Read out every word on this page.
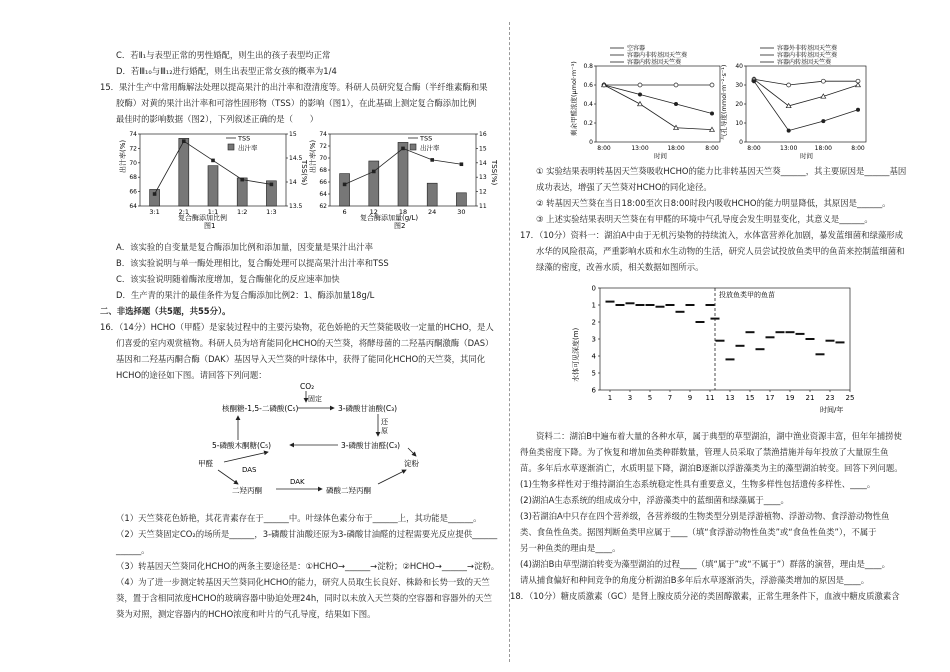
C．若Ⅱ₁与表型正常的男性婚配，则生出的孩子表型均正常
D．若Ⅲ₁₀与Ⅲ₁₂进行婚配，则生出表型正常女孩的概率为1/4
15．果汁生产中常用酶解法处理以提高果汁的出汁率和澄清度等。科研人员研究复合酶（半纤维素酶和果
胶酶）对黄的果汁出汁率和可溶性固形物（TSS）的影响（图1），在此基础上测定复合酶添加比例
最佳时的影响数据（图2），下列叙述正确的是（　　）
出汁率(%)	TSS(%)
64
66
68
70
72
74
13.5
14
14.5
15
3:1	2:1	1:1	1:2	1:3
TSS
出汁率
复合酶添加比例
图1
出汁率(%)	TSS(%)
62
64
66
68
70
72
74
11
12
13
14
15
16
6	12	18	24	30
TSS
出汁率
复合酶添加量(g/L)
图2
A．该实验的自变量是复合酶添加比例和添加量，因变量是果汁出汁率
B．该实验说明与单一酶处理相比，复合酶处理可以提高果汁出汁率和TSS
C．该实验说明随着酶浓度增加，复合酶催化的反应速率加快
D．生产青的果汁的最佳条件为复合酶添加比例2：1、酶添加量18g/L
二、非选择题（共5题，共55分）。
16．（14分）HCHO（甲醛）是家装过程中的主要污染物，花色娇艳的天竺葵能吸收一定量的HCHO，是人
们喜爱的室内观赏植物。科研人员为培育能同化HCHO的天竺葵，将酵母菌的二羟基丙酮激酶（DAS）
基因和二羟基丙酮合酶（DAK）基因导入天竺葵的叶绿体中，获得了能同化HCHO的天竺葵，其同化
HCHO的途径如下图。请回答下列问题：
CO₂
固定
核酮糖-1,5-二磷酸(C₅)	3-磷酸甘油酸(C₃)
还
原
5-磷酸木酮糖(C₅)	3-磷酸甘油醛(C₃)
淀粉
甲醛
DAS
二羟丙酮
DAK
磷酸二羟丙酮
（1）天竺葵花色娇艳，其花青素存在于______中。叶绿体色素分布于______上，其功能是______。
（2）天竺葵固定CO₂的场所是______，3-磷酸甘油酸还原为3-磷酸甘油醛的过程需要光反应提供______
______。
（3）转基因天竺葵同化HCHO的两条主要途径是：①HCHO→______→淀粉；②HCHO→______→淀粉。
（4）为了进一步测定转基因天竺葵同化HCHO的能力，研究人员取生长良好、株龄和长势一致的天竺
葵，置于含相同浓度HCHO的玻璃容器中胁迫处理24h，同时以未放入天竺葵的空容器和容器外的天竺
葵为对照，测定容器内的HCHO浓度和叶片的气孔导度，结果如下图。
剩余甲醛浓度(μmol·m⁻³)
0
0.2
0.4
0.6
0.8
8:00	13:00	18:00	8:00
空容器
容器内非转基因天竺葵
容器内转基因天竺葵
时间
气孔导度(mmol·m⁻²·s⁻¹)
0
10
20
30
40
8:00	13:00	18:00	8:00
容器外非转基因天竺葵
容器内非转基因天竺葵
容器内转基因天竺葵
时间
① 实验结果表明转基因天竺葵吸收HCHO的能力比非转基因天竺葵______，其主要原因是______基因
成功表达，增强了天竺葵对HCHO的同化途径。
② 转基因天竺葵在当日18:00至次日8:00时段内吸收HCHO的能力明显降低，其原因是______。
③ 上述实验结果表明天竺葵在有甲醛的环境中气孔导度会发生明显变化，其意义是______。
17．（10分）资料一：湖泊A中由于无机污染物的持续流入，水体富营养化加剧，暴发蓝细菌和绿藻形成
水华的风险很高，严重影响水质和水生动物的生活，研究人员尝试投放鱼类甲的鱼苗来控制蓝细菌和
绿藻的密度，改善水质，相关数据如图所示。
水体可见深度(m)
0
1
2
3
4
5
6
1 3 5 7 9 11 13 15 17 19 21 23 25
投放鱼类甲的鱼苗
时间/年
资料二：湖泊B中遍布着大量的各种水草，属于典型的草型湖泊，湖中渔业资源丰富，但年年捕捞使
得鱼类密度下降。为了恢复和增加鱼类种群数量，管理人员采取了禁渔措施并每年投放了大量原生鱼
苗。多年后水草逐渐消亡，水质明显下降，湖泊B逐渐以浮游藻类为主的藻型湖泊转变。回答下列问题。
(1)生物多样性对于维持湖泊生态系统稳定性具有重要意义，生物多样性包括遗传多样性、____。
(2)湖泊A生态系统的组成成分中，浮游藻类中的蓝细菌和绿藻属于____。
(3)若湖泊A中只存在四个营养级，各营养级的生物类型分别是浮游植物、浮游动物、食浮游动物性鱼
类、食鱼性鱼类。据图判断鱼类甲应属于____（填“食浮游动物性鱼类”或“食鱼性鱼类”），不属于
另一种鱼类的理由是____。
(4)湖泊B由草型湖泊转变为藻型湖泊的过程____（填“属于”或“不属于”）群落的演替，理由是____。
请从捕食偏好和种间竞争的角度分析湖泊B多年后水草逐渐消失，浮游藻类增加的原因是____。
18．（10分）糖皮质激素（GC）是肾上腺皮质分泌的类固醇激素，正常生理条件下，血液中糖皮质激素含
